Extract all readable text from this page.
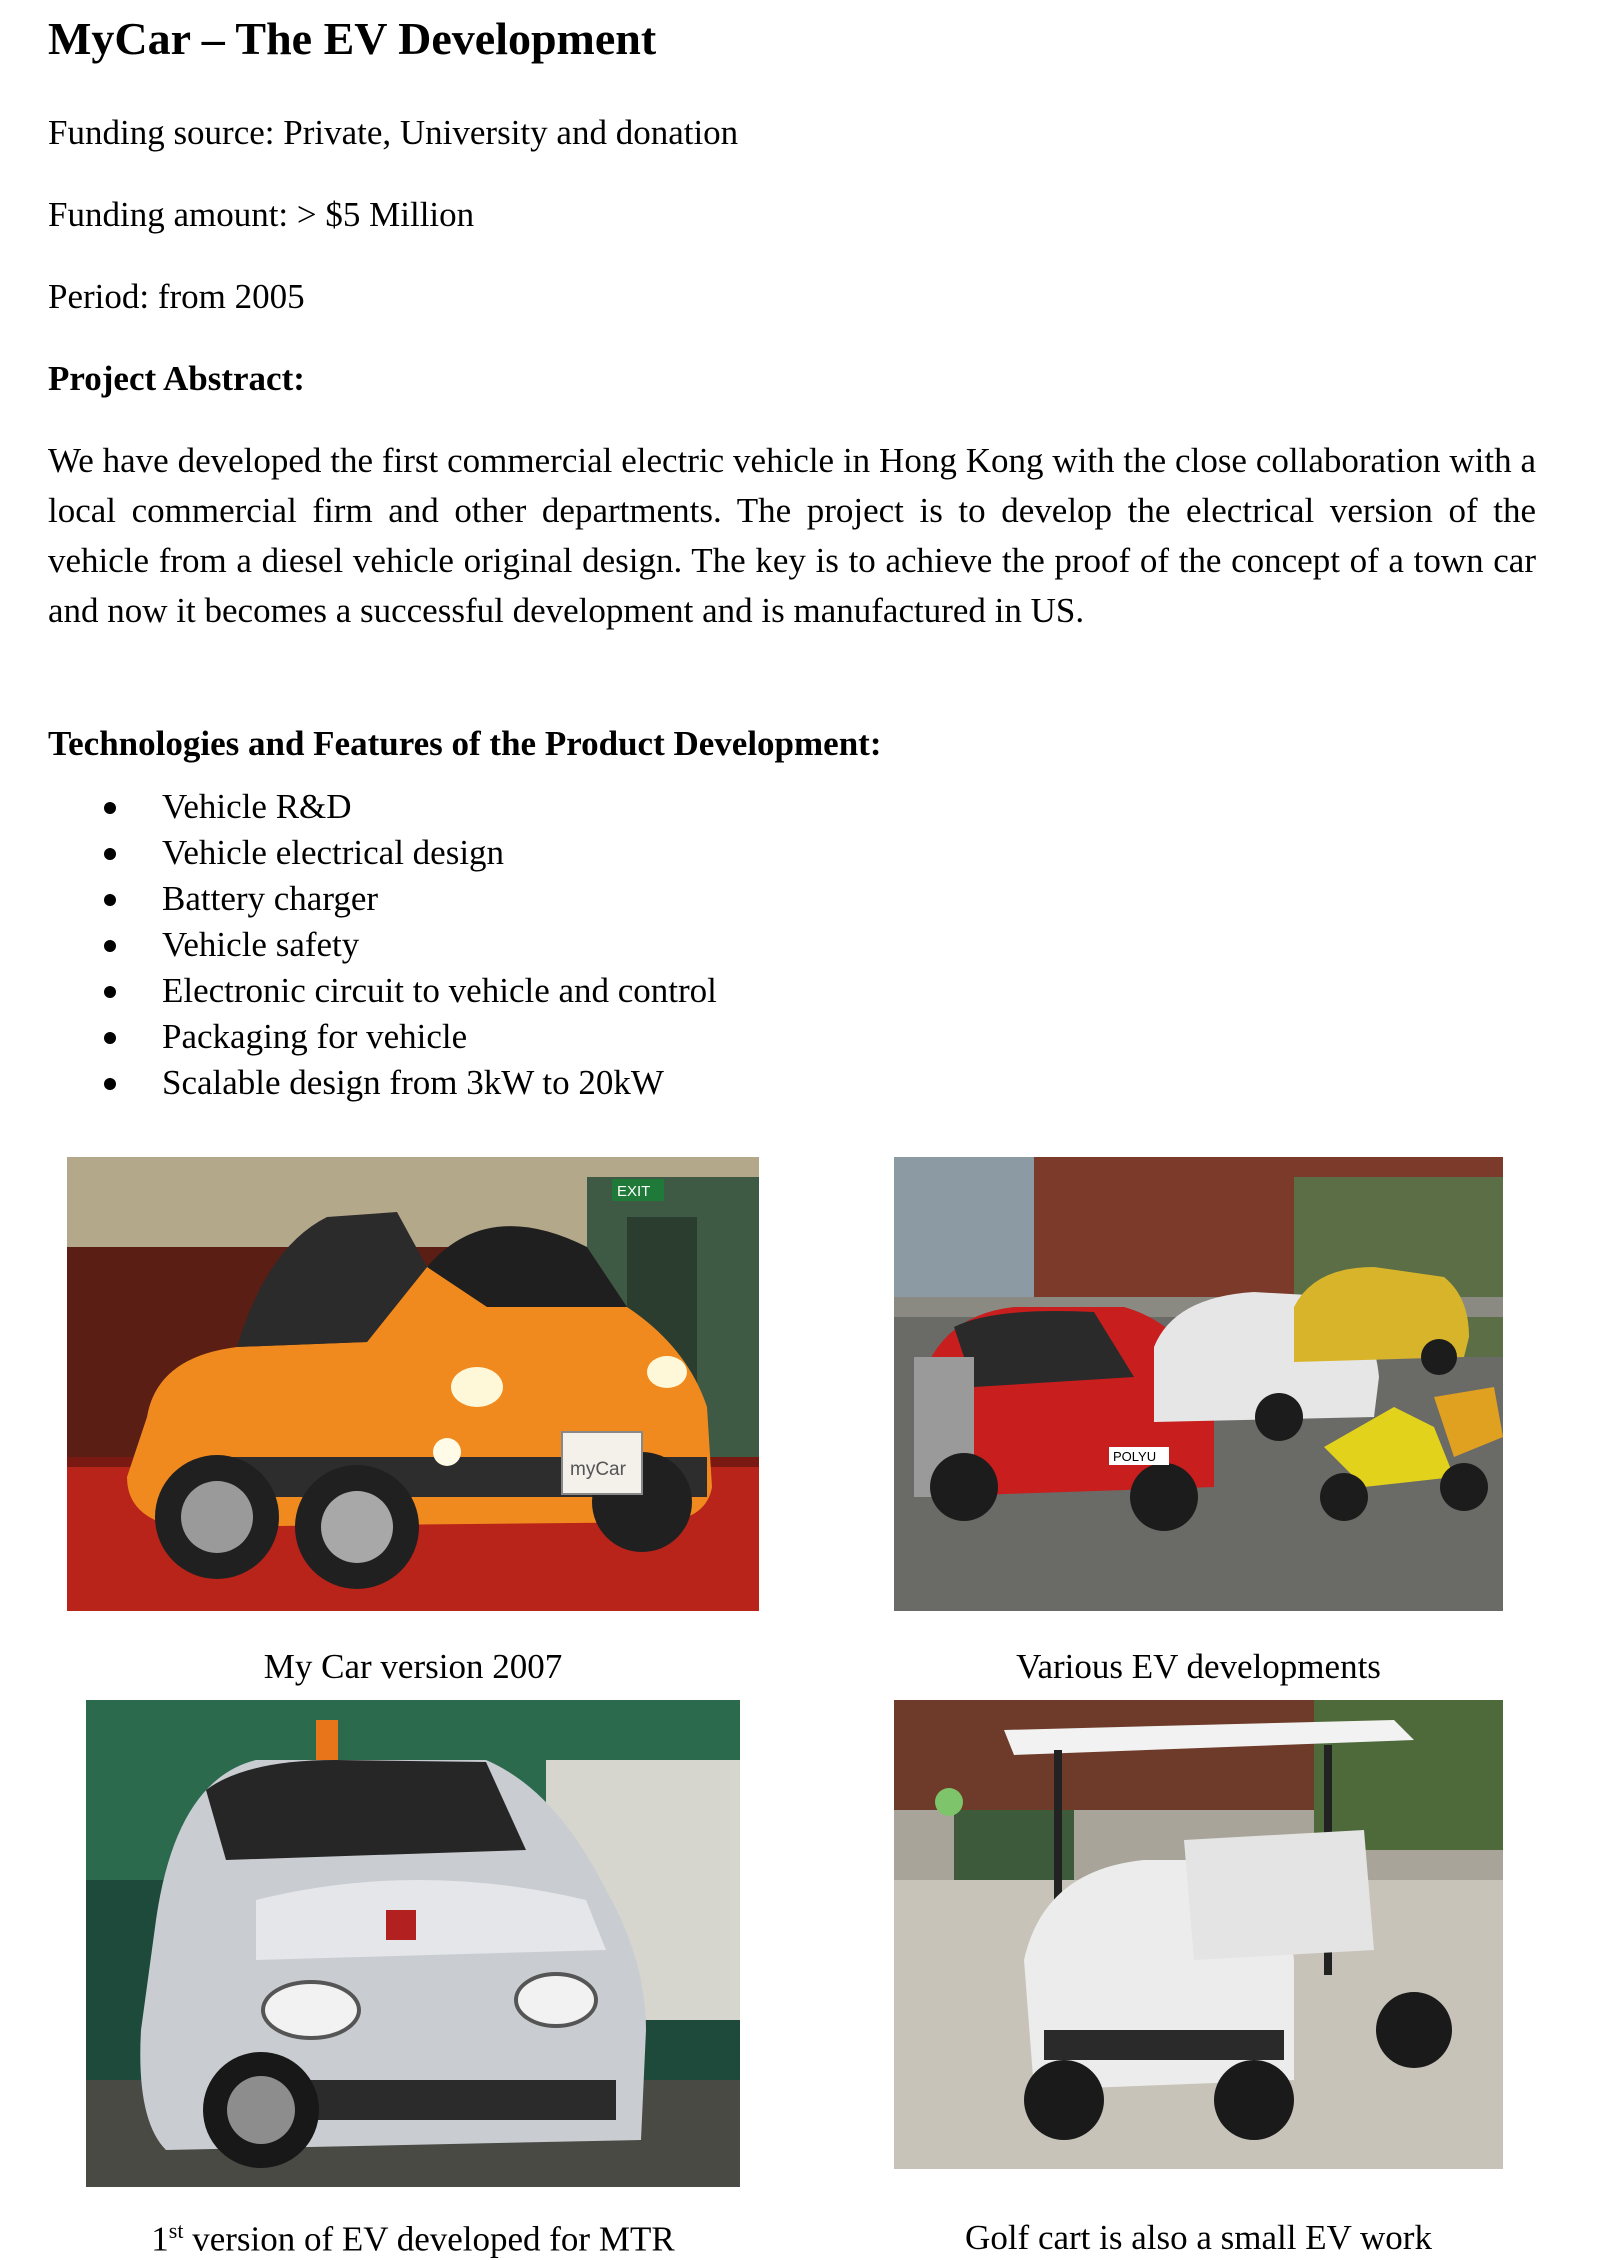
MyCar – The EV Development

Funding source: Private, University and donation

Funding amount: > $5 Million

Period: from 2005

Project Abstract:

We have developed the first commercial electric vehicle in Hong Kong with the close collaboration with a local commercial firm and other departments. The project is to develop the electrical version of the vehicle from a diesel vehicle original design. The key is to achieve the proof of the concept of a town car and now it becomes a successful development and is manufactured in US.

Technologies and Features of the Product Development:

Vehicle R&D
Vehicle electrical design
Battery charger
Vehicle safety
Electronic circuit to vehicle and control
Packaging for vehicle
Scalable design from 3kW to 20kW
EXIT
myCar

My Car version 2007

POLYU

Various EV developments

1st version of EV developed for MTR	Golf cart is also a small EV work
